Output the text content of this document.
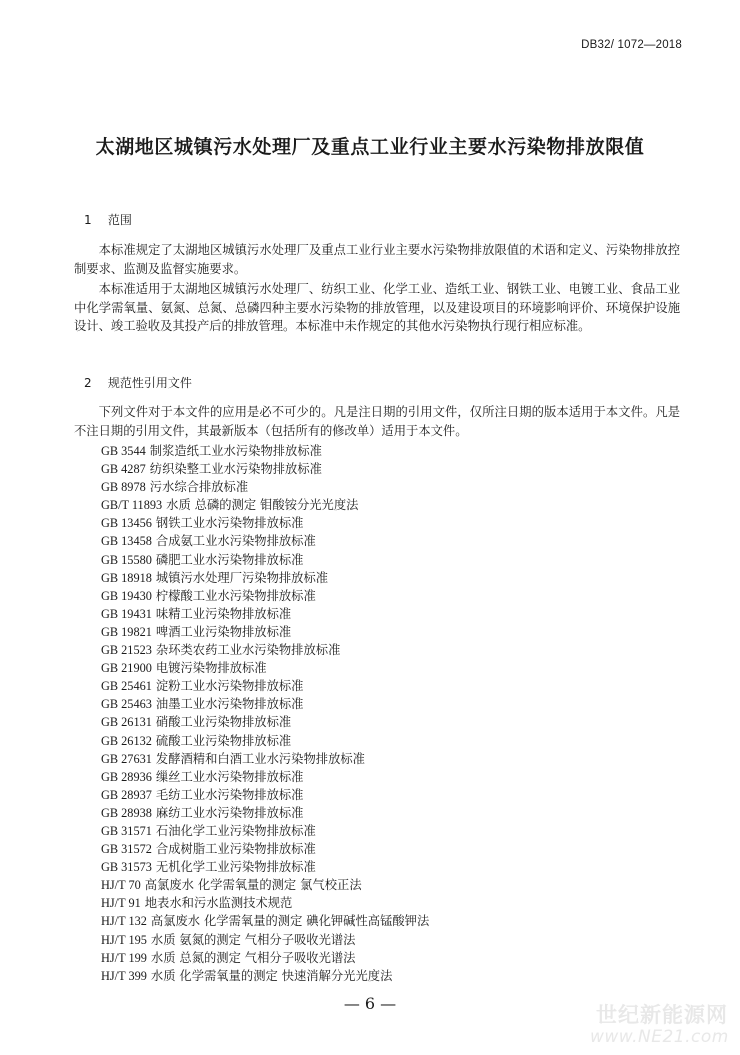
DB32/ 1072—2018
太湖地区城镇污水处理厂及重点工业行业主要水污染物排放限值
1 范围
本标准规定了太湖地区城镇污水处理厂及重点工业行业主要水污染物排放限值的术语和定义、污染物排放控制要求、监测及监督实施要求。
本标准适用于太湖地区城镇污水处理厂、纺织工业、化学工业、造纸工业、钢铁工业、电镀工业、食品工业中化学需氧量、氨氮、总氮、总磷四种主要水污染物的排放管理，以及建设项目的环境影响评价、环境保护设施设计、竣工验收及其投产后的排放管理。本标准中未作规定的其他水污染物执行现行相应标准。
2 规范性引用文件
下列文件对于本文件的应用是必不可少的。凡是注日期的引用文件，仅所注日期的版本适用于本文件。凡是不注日期的引用文件，其最新版本（包括所有的修改单）适用于本文件。
GB 3544 制浆造纸工业水污染物排放标准
GB 4287 纺织染整工业水污染物排放标准
GB 8978 污水综合排放标准
GB/T 11893 水质 总磷的测定 钼酸铵分光光度法
GB 13456 钢铁工业水污染物排放标准
GB 13458 合成氨工业水污染物排放标准
GB 15580 磷肥工业水污染物排放标准
GB 18918 城镇污水处理厂污染物排放标准
GB 19430 柠檬酸工业水污染物排放标准
GB 19431 味精工业污染物排放标准
GB 19821 啤酒工业污染物排放标准
GB 21523 杂环类农药工业水污染物排放标准
GB 21900 电镀污染物排放标准
GB 25461 淀粉工业水污染物排放标准
GB 25463 油墨工业水污染物排放标准
GB 26131 硝酸工业污染物排放标准
GB 26132 硫酸工业污染物排放标准
GB 27631 发酵酒精和白酒工业水污染物排放标准
GB 28936 缫丝工业水污染物排放标准
GB 28937 毛纺工业水污染物排放标准
GB 28938 麻纺工业水污染物排放标准
GB 31571 石油化学工业污染物排放标准
GB 31572 合成树脂工业污染物排放标准
GB 31573 无机化学工业污染物排放标准
HJ/T 70 高氯废水 化学需氧量的测定 氯气校正法
HJ/T 91 地表水和污水监测技术规范
HJ/T 132 高氯废水 化学需氧量的测定 碘化钾碱性高锰酸钾法
HJ/T 195 水质 氨氮的测定 气相分子吸收光谱法
HJ/T 199 水质 总氮的测定 气相分子吸收光谱法
HJ/T 399 水质 化学需氧量的测定 快速消解分光光度法
— 6 —	世纪新能源网
www.NE21.com
